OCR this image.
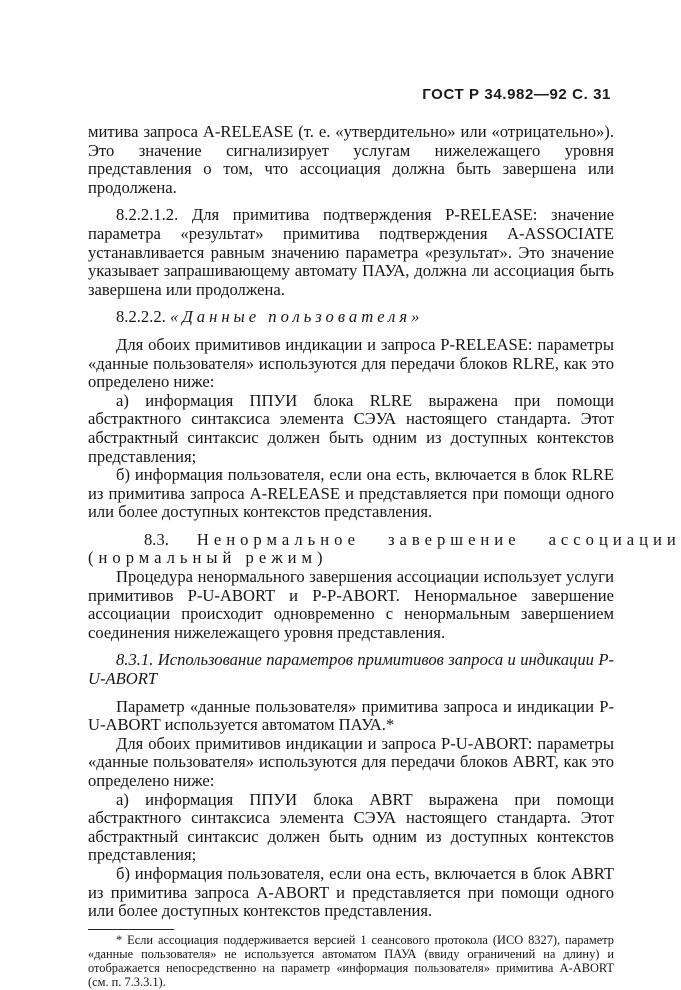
ГОСТ Р 34.982—92 С. 31

митива запроса A-RELEASE (т. е. «утвердительно» или «отрицательно»). Это значение сигнализирует услугам нижележащего уровня представления о том, что ассоциация должна быть завершена или продолжена.

8.2.2.1.2. Для примитива подтверждения P-RELEASE: значение параметра «результат» примитива подтверждения A-ASSOCIATE устанавливается равным значению параметра «результат». Это значение указывает запрашивающему автомату ПАУА, должна ли ассоциация быть завершена или продолжена.

8.2.2.2. «Данные пользователя»

Для обоих примитивов индикации и запроса P-RELEASE: параметры «данные пользователя» используются для передачи блоков RLRE, как это определено ниже:

а) информация ППУИ блока RLRE выражена при помощи абстрактного синтаксиса элемента СЭУА настоящего стандарта. Этот абстрактный синтаксис должен быть одним из доступных контекстов представления;

б) информация пользователя, если она есть, включается в блок RLRE из примитива запроса A-RELEASE и представляется при помощи одного или более доступных контекстов представления.

8.3.	Ненормальное	завершение	ассоциации
(нормальный режим)

Процедура ненормального завершения ассоциации использует услуги примитивов P-U-ABORT и P-P-ABORT. Ненормальное завершение ассоциации происходит одновременно с ненормальным завершением соединения нижележащего уровня представления.

8.3.1. Использование параметров примитивов запроса и индикации P-U-ABORT

Параметр «данные пользователя» примитива запроса и индикации P-U-ABORT используется автоматом ПАУА.*

Для обоих примитивов индикации и запроса P-U-ABORT: параметры «данные пользователя» используются для передачи блоков ABRT, как это определено ниже:

а) информация ППУИ блока ABRT выражена при помощи абстрактного синтаксиса элемента СЭУА настоящего стандарта. Этот абстрактный синтаксис должен быть одним из доступных контекстов представления;

б) информация пользователя, если она есть, включается в блок ABRT из примитива запроса A-ABORT и представляется при помощи одного или более доступных контекстов представления.

* Если ассоциация поддерживается версией 1 сеансового протокола (ИСО 8327), параметр «данные пользователя» не используется автоматом ПАУА (ввиду ограничений на длину) и отображается непосредственно на параметр «информация пользователя» примитива A-ABORT (см. п. 7.3.3.1).
